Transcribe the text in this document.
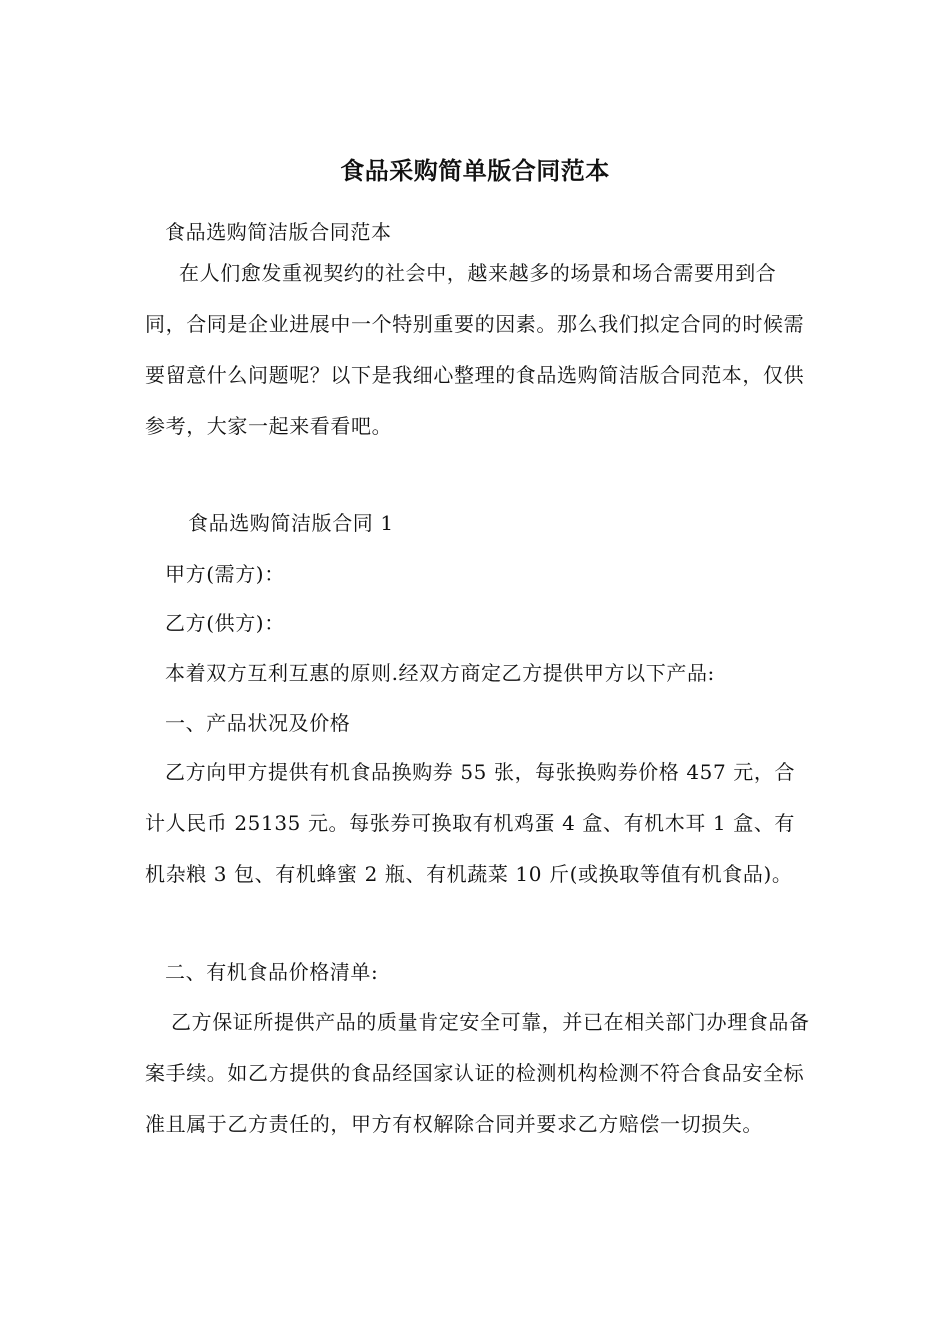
食品采购简单版合同范本

食品选购简洁版合同范本

在人们愈发重视契约的社会中，越来越多的场景和场合需要用到合同，合同是企业进展中一个特别重要的因素。那么我们拟定合同的时候需要留意什么问题呢？以下是我细心整理的食品选购简洁版合同范本，仅供参考，大家一起来看看吧。

食品选购简洁版合同 1

甲方(需方)：

乙方(供方)：

本着双方互利互惠的原则.经双方商定乙方提供甲方以下产品:

一、产品状况及价格

乙方向甲方提供有机食品换购券 55 张，每张换购券价格 457 元，合计人民币 25135 元。每张券可换取有机鸡蛋 4 盒、有机木耳 1 盒、有机杂粮 3 包、有机蜂蜜 2 瓶、有机蔬菜 10 斤(或换取等值有机食品)。

二、有机食品价格清单:

乙方保证所提供产品的质量肯定安全可靠，并已在相关部门办理食品备案手续。如乙方提供的食品经国家认证的检测机构检测不符合食品安全标准且属于乙方责任的，甲方有权解除合同并要求乙方赔偿一切损失。
